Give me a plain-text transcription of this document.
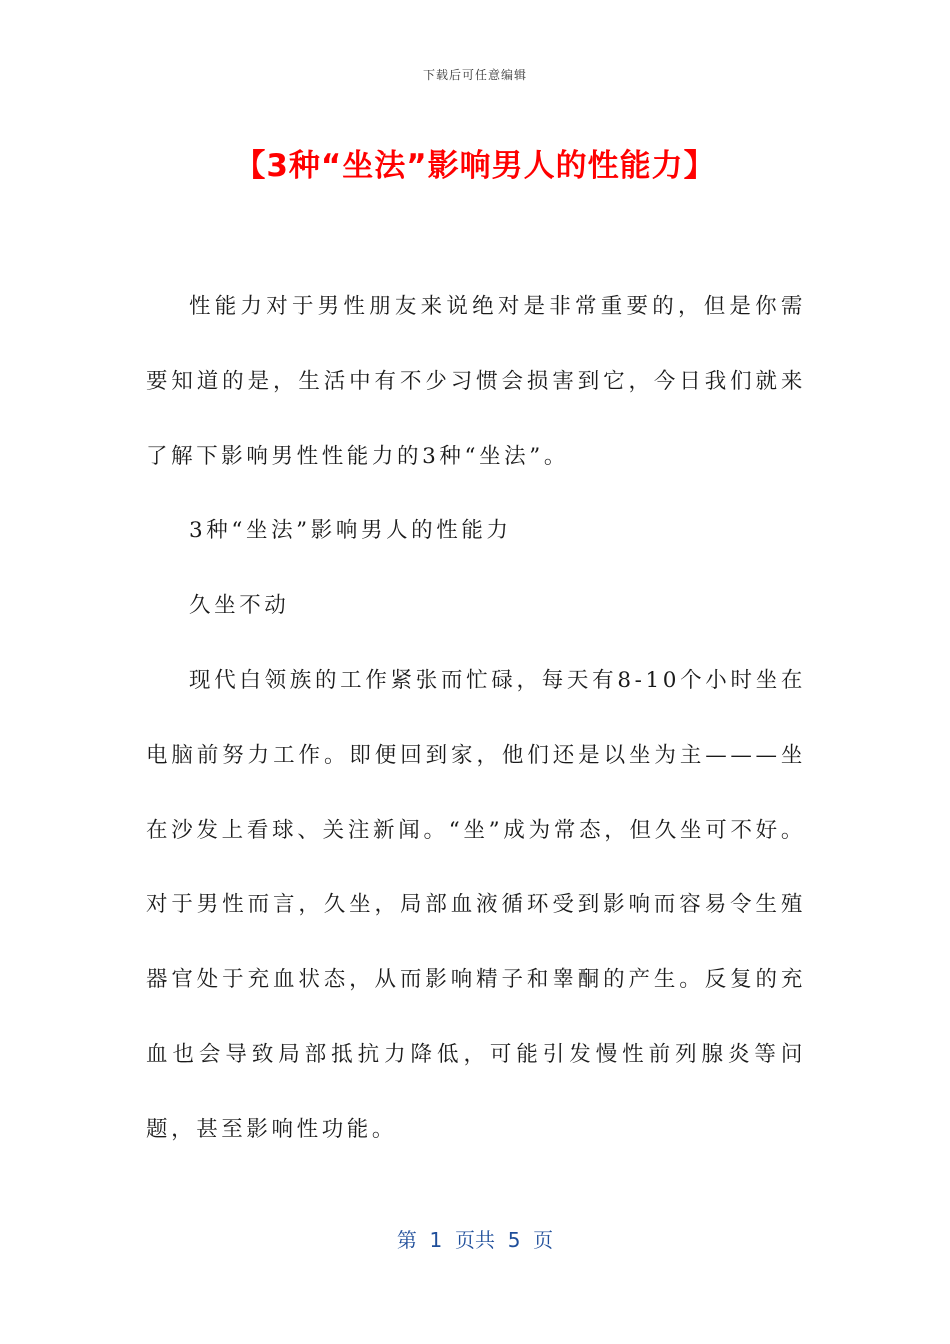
下载后可任意编辑
【3种“坐法”影响男人的性能力】

性能力对于男性朋友来说绝对是非常重要的，但是你需要知道的是，生活中有不少习惯会损害到它，今日我们就来了解下影响男性性能力的3种“坐法”。

3种“坐法”影响男人的性能力

久坐不动

现代白领族的工作紧张而忙碌，每天有8-10个小时坐在电脑前努力工作。即便回到家，他们还是以坐为主———坐在沙发上看球、关注新闻。“坐”成为常态，但久坐可不好。对于男性而言，久坐，局部血液循环受到影响而容易令生殖器官处于充血状态，从而影响精子和睾酮的产生。反复的充血也会导致局部抵抗力降低，可能引发慢性前列腺炎等问题，甚至影响性功能。

第  1  页共  5  页
